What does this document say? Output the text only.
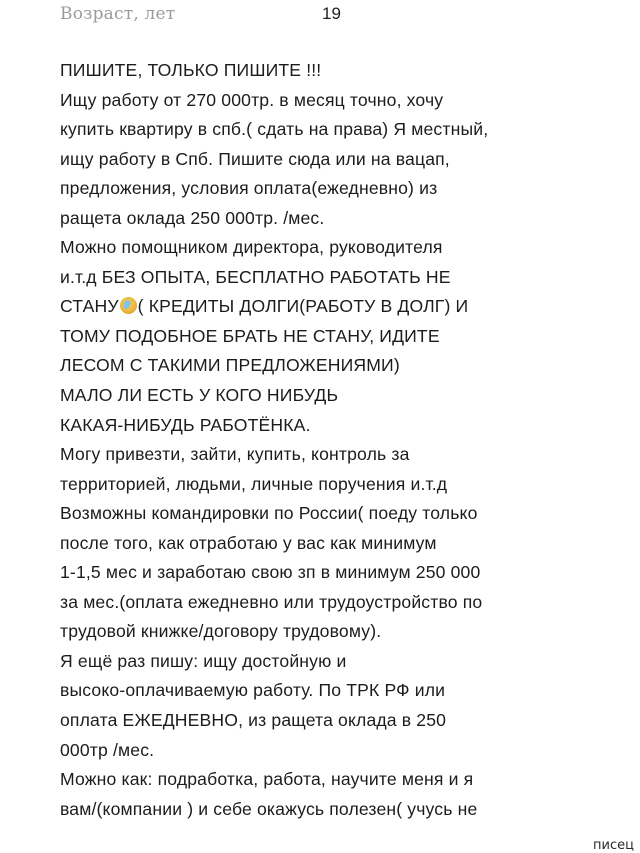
Возраст, лет	19
ПИШИТЕ, ТОЛЬКО ПИШИТЕ !!!
Ищу работу от 270 000тр. в месяц точно, хочу
купить квартиру в спб.( сдать на права) Я местный,
ищу работу в Спб. Пишите сюда или на вацап,
предложения, условия оплата(ежедневно) из
ращета оклада 250 000тр. /мес.
Можно помощником директора, руководителя
и.т.д БЕЗ ОПЫТА, БЕСПЛАТНО РАБОТАТЬ НЕ
СТАНУ ( КРЕДИТЫ ДОЛГИ(РАБОТУ В ДОЛГ) И
ТОМУ ПОДОБНОЕ БРАТЬ НЕ СТАНУ, ИДИТЕ
ЛЕСОМ С ТАКИМИ ПРЕДЛОЖЕНИЯМИ)
МАЛО ЛИ ЕСТЬ У КОГО НИБУДЬ
КАКАЯ-НИБУДЬ РАБОТЁНКА.
Могу привезти, зайти, купить, контроль за
территорией, людьми, личные поручения и.т.д
Возможны командировки по России( поеду только
после того, как отработаю у вас как минимум
1-1,5 мес и заработаю свою зп в минимум 250 000
за мес.(оплата ежедневно или трудоустройство по
трудовой книжке/договору трудовому).
Я ещё раз пишу: ищу достойную и
высоко-оплачиваемую работу. По ТРК РФ или
оплата ЕЖЕДНЕВНО, из ращета оклада в 250
000тр /мес.
Можно как: подработка, работа, научите меня и я
вам/(компании ) и себе окажусь полезен( учусь не
писец
